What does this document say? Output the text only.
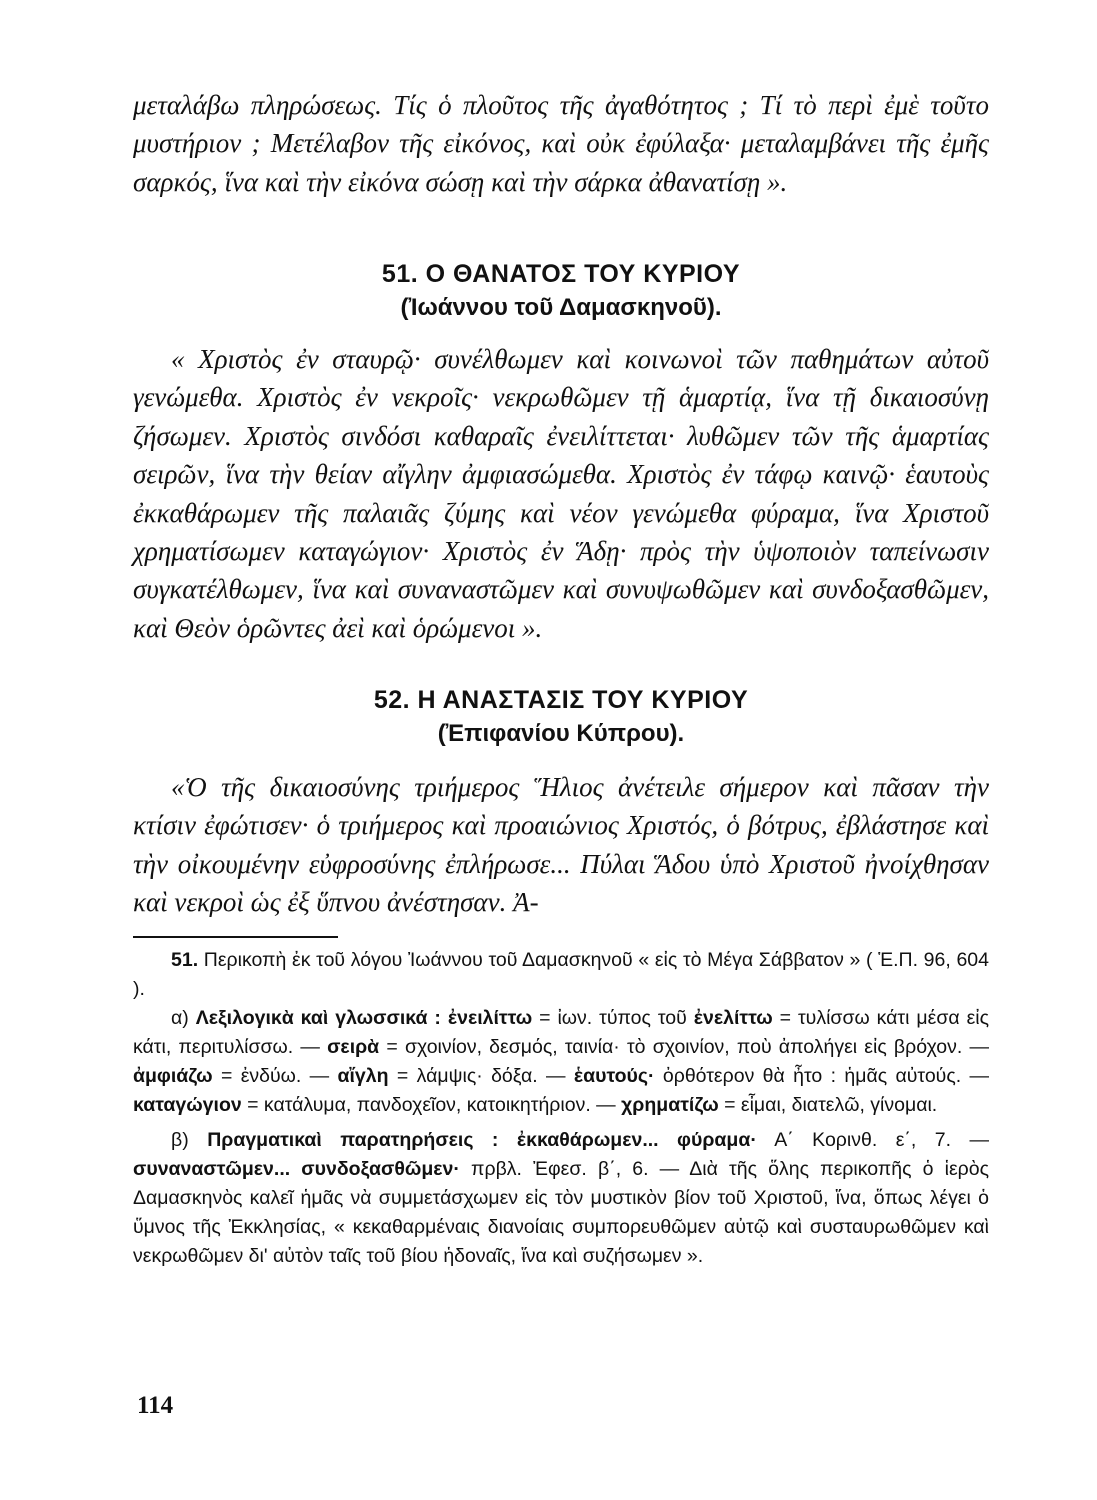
μεταλάβω πληρώσεως. Τίς ὁ πλοῦτος τῆς ἀγαθότητος ; Τί τὸ περὶ ἐμὲ τοῦτο μυστήριον ; Μετέλαβον τῆς εἰκόνος, καὶ οὐκ ἐφύλαξα· μεταλαμβάνει τῆς ἐμῆς σαρκός, ἵνα καὶ τὴν εἰκόνα σώσῃ καὶ τὴν σάρκα ἀθανατίσῃ ».
51. Ο ΘΑΝΑΤΟΣ ΤΟΥ ΚΥΡΙΟΥ
(Ἰωάννου τοῦ Δαμασκηνοῦ).
« Χριστὸς ἐν σταυρῷ· συνέλθωμεν καὶ κοινωνοὶ τῶν παθημάτων αὐτοῦ γενώμεθα. Χριστὸς ἐν νεκροῖς· νεκρωθῶμεν τῇ ἁμαρτίᾳ, ἵνα τῇ δικαιοσύνῃ ζήσωμεν. Χριστὸς σινδόσι καθαραῖς ἐνειλίττεται· λυθῶμεν τῶν τῆς ἁμαρτίας σειρῶν, ἵνα τὴν θείαν αἴγλην ἀμφιασώμεθα. Χριστὸς ἐν τάφῳ καινῷ· ἑαυτοὺς ἐκκαθάρωμεν τῆς παλαιᾶς ζύμης καὶ νέον γενώμεθα φύραμα, ἵνα Χριστοῦ χρηματίσωμεν καταγώγιον· Χριστὸς ἐν Ἅδῃ· πρὸς τὴν ὑψοποιὸν ταπείνωσιν συγκατέλθωμεν, ἵνα καὶ συναναστῶμεν καὶ συνυψωθῶμεν καὶ συνδοξασθῶμεν, καὶ Θεὸν ὁρῶντες ἀεὶ καὶ ὁρώμενοι ».
52. Η ΑΝΑΣΤΑΣΙΣ ΤΟΥ ΚΥΡΙΟΥ
(Ἐπιφανίου Κύπρου).
«Ὁ τῆς δικαιοσύνης τριήμερος Ἥλιος ἀνέτειλε σήμερον καὶ πᾶσαν τὴν κτίσιν ἐφώτισεν· ὁ τριήμερος καὶ προαιώνιος Χριστός, ὁ βότρυς, ἐβλάστησε καὶ τὴν οἰκουμένην εὐφροσύνης ἐπλήρωσε... Πύλαι Ἅδου ὑπὸ Χριστοῦ ἠνοίχθησαν καὶ νεκροὶ ὡς ἐξ ὕπνου ἀνέστησαν. Ἀ-
51. Περικοπὴ ἐκ τοῦ λόγου Ἰωάννου τοῦ Δαμασκηνοῦ « εἰς τὸ Μέγα Σάββατον » ( Ἑ.Π. 96, 604 ).
α) Λεξιλογικὰ καὶ γλωσσικά : ἐνειλίττω = ἰων. τύπος τοῦ ἐνελίττω = τυλίσσω κάτι μέσα εἰς κάτι, περιτυλίσσω. — σειρὰ = σχοινίον, δεσμός, ταινία· τὸ σχοινίον, ποὺ ἀπολήγει εἰς βρόχον. — ἀμφιάζω = ἐνδύω. — αἴγλη = λάμψις· δόξα. — ἑαυτούς· ὀρθότερον θὰ ἦτο : ἡμᾶς αὐτούς. — καταγώγιον = κατάλυμα, πανδοχεῖον, κατοικητήριον. — χρηματίζω = εἶμαι, διατελῶ, γίνομαι.
β) Πραγματικαὶ παρατηρήσεις : ἐκκαθάρωμεν... φύραμα· Α΄ Κορινθ. ε΄, 7. — συναναστῶμεν... συνδοξασθῶμεν· πρβλ. Ἐφεσ. β΄, 6. — Διὰ τῆς ὅλης περικοπῆς ὁ ἱερὸς Δαμασκηνὸς καλεῖ ἡμᾶς νὰ συμμετάσχωμεν εἰς τὸν μυστικὸν βίον τοῦ Χριστοῦ, ἵνα, ὅπως λέγει ὁ ὕμνος τῆς Ἐκκλησίας, « κεκαθαρμέναις διανοίαις συμπορευθῶμεν αὐτῷ καὶ συσταυρωθῶμεν καὶ νεκρωθῶμεν δι' αὐτὸν ταῖς τοῦ βίου ἡδοναῖς, ἵνα καὶ συζήσωμεν ».
114
